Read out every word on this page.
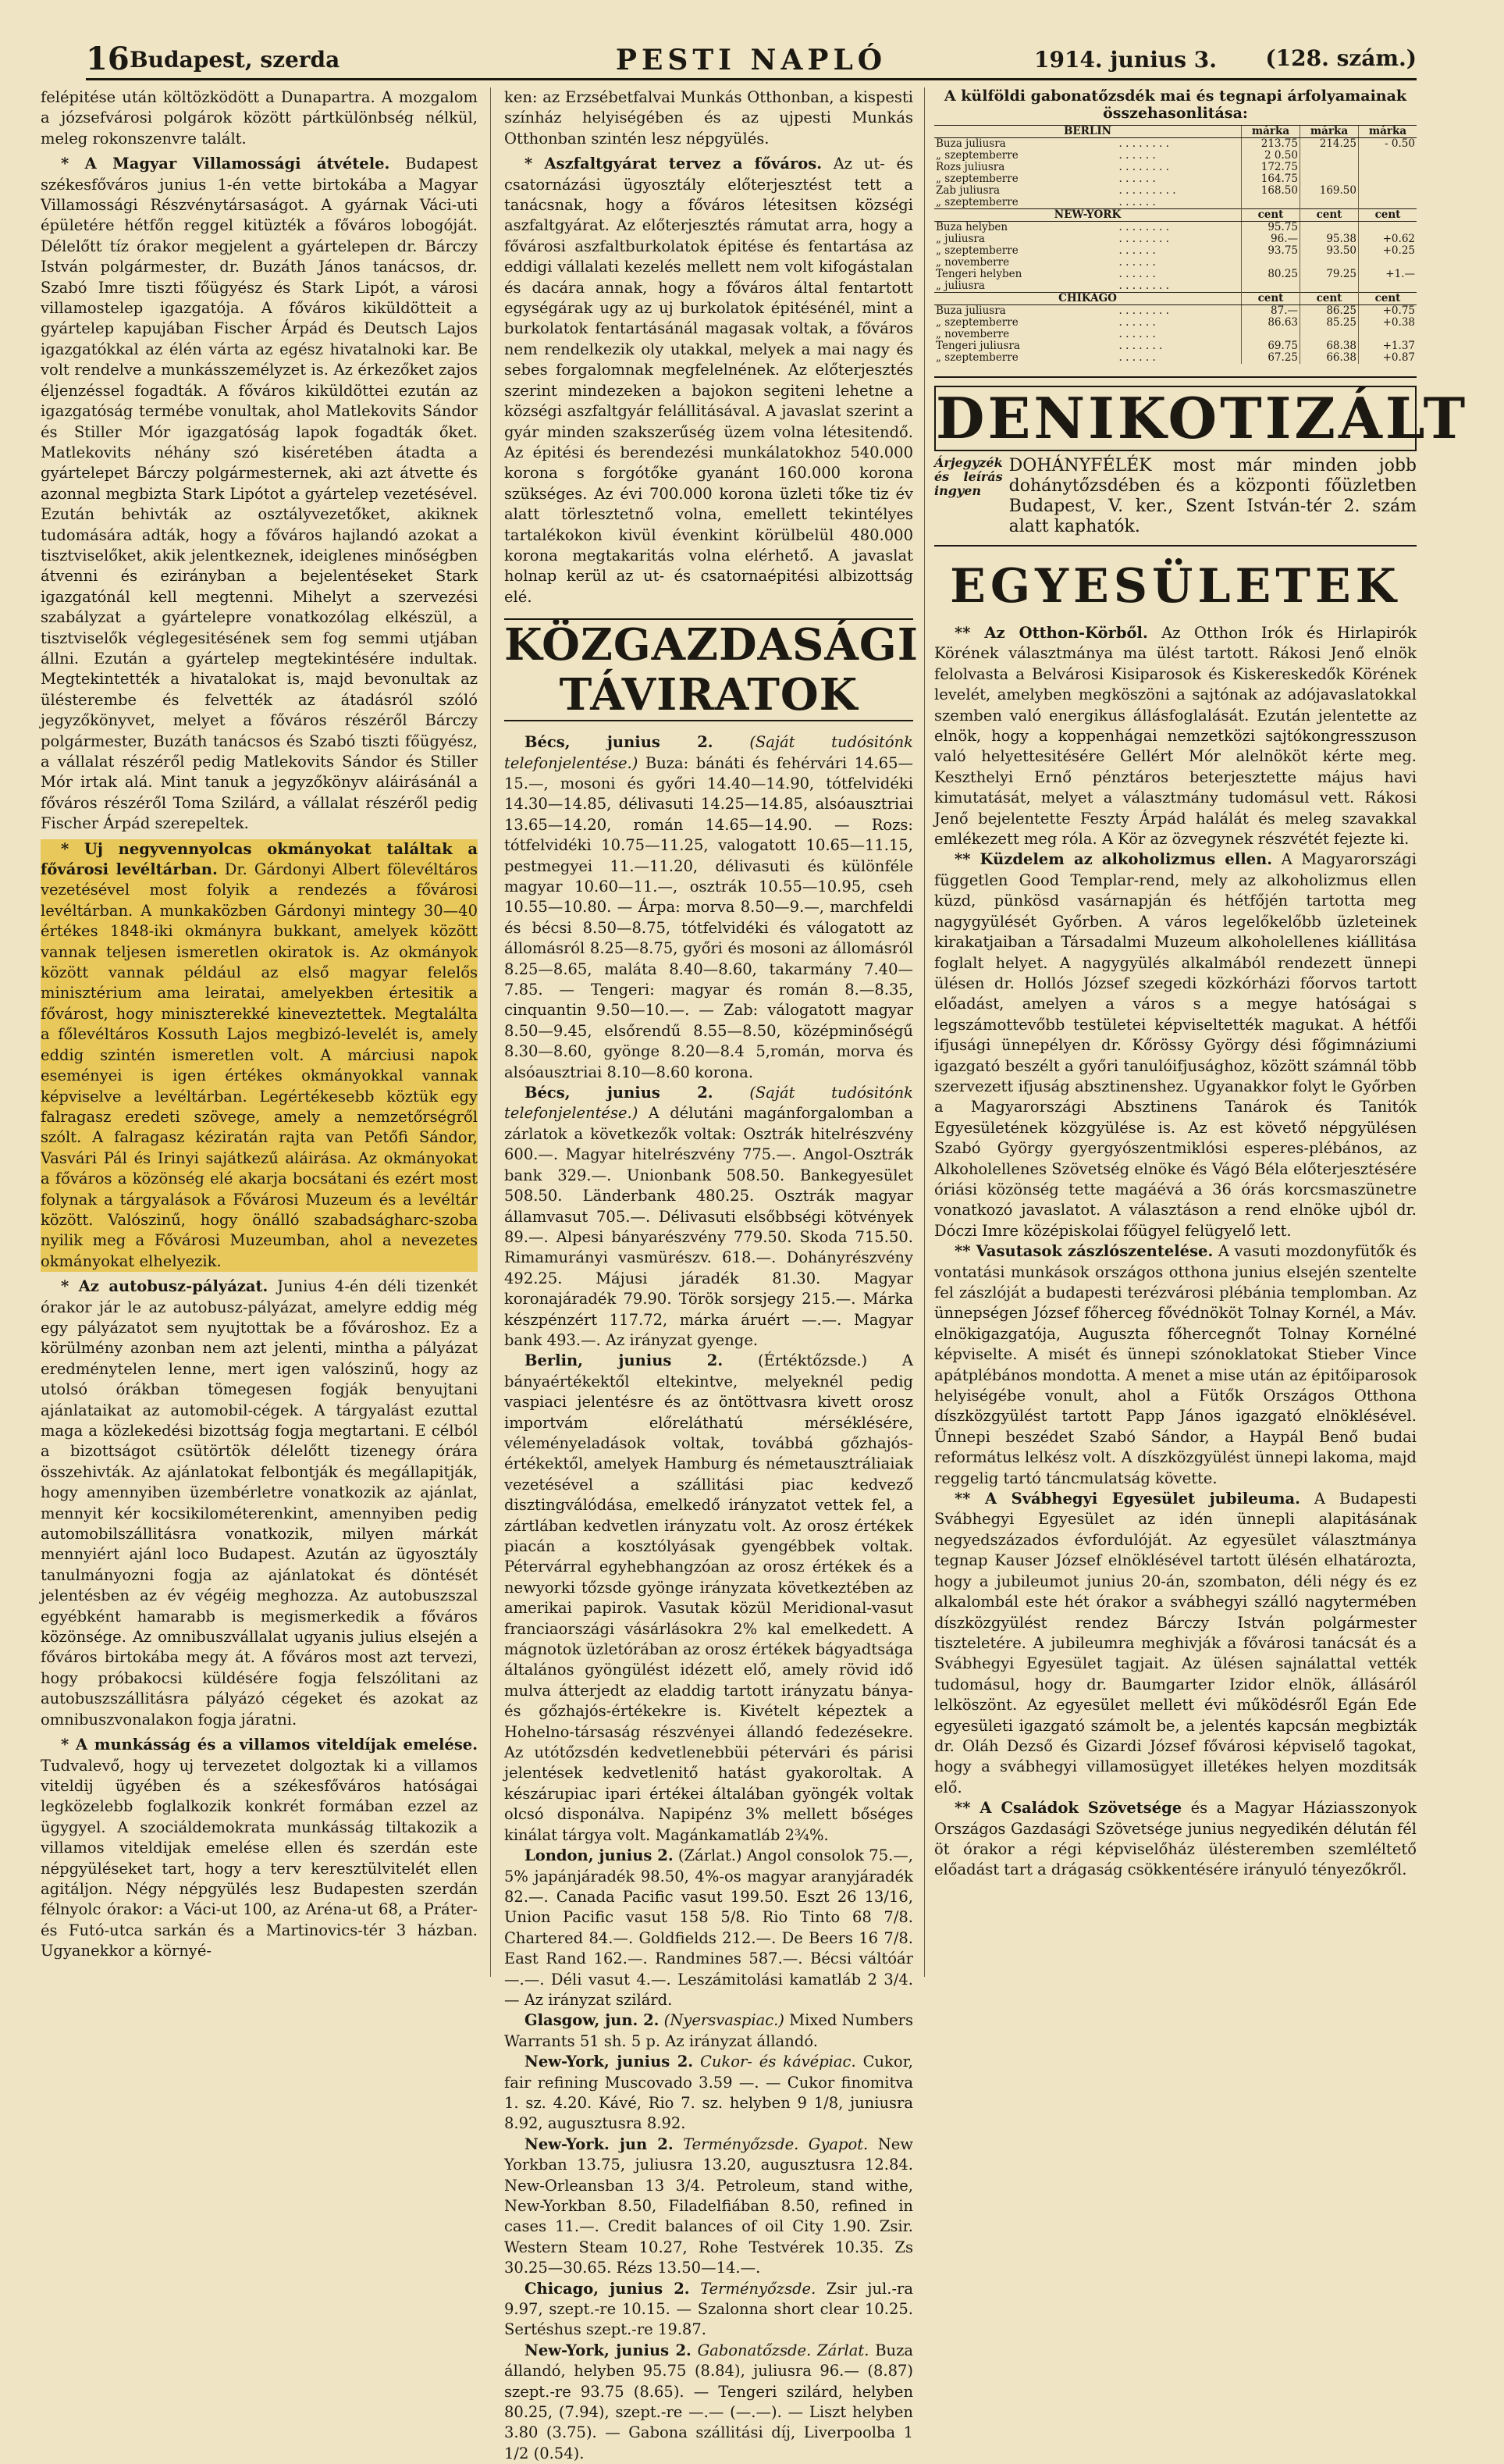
16 Budapest, szerda	PESTI NAPLÓ	1914. junius 3. (128. szám.)

felépitése után költözködött a Dunapartra. A mozgalom a józsefvárosi polgárok között pártkülönbség nélkül, meleg rokonszenvre talált.

* A Magyar Villamossági átvétele. Budapest székesfőváros junius 1-én vette birtokába a Magyar Villamossági Részvénytársaságot. A gyárnak Váci-uti épületére hétfőn reggel kitüzték a főváros lobogóját. Délelőtt tíz órakor megjelent a gyártelepen dr. Bárczy István polgármester, dr. Buzáth János tanácsos, dr. Szabó Imre tiszti főügyész és Stark Lipót, a városi villamostelep igazgatója. A főváros kiküldötteit a gyártelep kapujában Fischer Árpád és Deutsch Lajos igazgatókkal az élén várta az egész hivatalnoki kar. Be volt rendelve a munkásszemélyzet is. Az érkezőket zajos éljenzéssel fogadták. A főváros kiküldöttei ezután az igazgatóság termébe vonultak, ahol Matlekovits Sándor és Stiller Mór igazgatóság lapok fogadták őket. Matlekovits néhány szó kiséretében átadta a gyártelepet Bárczy polgármesternek, aki azt átvette és azonnal megbizta Stark Lipótot a gyártelep vezetésével. Ezután behivták az osztályvezetőket, akiknek tudomására adták, hogy a főváros hajlandó azokat a tisztviselőket, akik jelentkeznek, ideiglenes minőségben átvenni és ezirányban a bejelentéseket Stark igazgatónál kell megtenni. Mihelyt a szervezési szabályzat a gyártelepre vonatkozólag elkészül, a tisztviselők véglegesitésének sem fog semmi utjában állni. Ezután a gyártelep megtekintésére indultak. Megtekintették a hivatalokat is, majd bevonultak az ülésterembe és felvették az átadásról szóló jegyzőkönyvet, melyet a főváros részéről Bárczy polgármester, Buzáth tanácsos és Szabó tiszti főügyész, a vállalat részéről pedig Matlekovits Sándor és Stiller Mór irtak alá. Mint tanuk a jegyzőkönyv aláirásánál a főváros részéről Toma Szilárd, a vállalat részéről pedig Fischer Árpád szerepeltek.

* Uj negyvennyolcas okmányokat találtak a fővárosi levéltárban. Dr. Gárdonyi Albert fölevéltáros vezetésével most folyik a rendezés a fővárosi levéltárban. A munkaközben Gárdonyi mintegy 30—40 értékes 1848-iki okmányra bukkant, amelyek között vannak teljesen ismeretlen okiratok is. Az okmányok között vannak például az első magyar felelős minisztérium ama leiratai, amelyekben értesitik a fővárost, hogy miniszterekké kineveztettek. Megtalálta a főlevéltáros Kossuth Lajos megbizó-levelét is, amely eddig szintén ismeretlen volt. A márciusi napok eseményei is igen értékes okmányokkal vannak képviselve a levéltárban. Legértékesebb köztük egy falragasz eredeti szövege, amely a nemzetőrségről szólt. A falragasz kéziratán rajta van Petőfi Sándor, Vasvári Pál és Irinyi sajátkezű aláirása. Az okmányokat a főváros a közönség elé akarja bocsátani és ezért most folynak a tárgyalások a Fővárosi Muzeum és a levéltár között. Valószinű, hogy önálló szabadságharc-szoba nyilik meg a Fővárosi Muzeumban, ahol a nevezetes okmányokat elhelyezik.

* Az autobusz-pályázat. Junius 4-én déli tizenkét órakor jár le az autobusz-pályázat, amelyre eddig még egy pályázatot sem nyujtottak be a fővároshoz. Ez a körülmény azonban nem azt jelenti, mintha a pályázat eredménytelen lenne, mert igen valószinű, hogy az utolsó órákban tömegesen fogják benyujtani ajánlataikat az automobil-cégek. A tárgyalást ezuttal maga a közlekedési bizottság fogja megtartani. E célból a bizottságot csütörtök délelőtt tizenegy órára összehivták. Az ajánlatokat felbontják és megállapitják, hogy amennyiben üzembérletre vonatkozik az ajánlat, mennyit kér kocsikilométerenkint, amennyiben pedig automobilszállitásra vonatkozik, milyen márkát mennyiért ajánl loco Budapest. Azután az ügyosztály tanulmányozni fogja az ajánlatokat és döntését jelentésben az év végéig meghozza. Az autobuszszal egyébként hamarabb is megismerkedik a főváros közönsége. Az omnibuszvállalat ugyanis julius elsején a főváros birtokába megy át. A főváros most azt tervezi, hogy próbakocsi küldésére fogja felszólitani az autobuszszállitásra pályázó cégeket és azokat az omnibuszvonalakon fogja járatni.

* A munkásság és a villamos viteldíjak emelése. Tudvalevő, hogy uj tervezetet dolgoztak ki a villamos viteldij ügyében és a székesfőváros hatóságai legközelebb foglalkozik konkrét formában ezzel az ügygyel. A szociáldemokrata munkásság tiltakozik a villamos viteldijak emelése ellen és szerdán este népgyüléseket tart, hogy a terv keresztülvitelét ellen agitáljon. Négy népgyülés lesz Budapesten szerdán félnyolc órakor: a Váci-ut 100, az Aréna-ut 68, a Práter- és Futó-utca sarkán és a Martinovics-tér 3 házban. Ugyanekkor a környé-

ken: az Erzsébetfalvai Munkás Otthonban, a kispesti színház helyiségében és az ujpesti Munkás Otthonban szintén lesz népgyülés.

* Aszfaltgyárat tervez a főváros. Az ut- és csatornázási ügyosztály előterjesztést tett a tanácsnak, hogy a főváros létesitsen községi aszfaltgyárat. Az előterjesztés rámutat arra, hogy a fővárosi aszfaltburkolatok épitése és fentartása az eddigi vállalati kezelés mellett nem volt kifogástalan és dacára annak, hogy a főváros által fentartott egységárak ugy az uj burkolatok épitésénél, mint a burkolatok fentartásánál magasak voltak, a főváros nem rendelkezik oly utakkal, melyek a mai nagy és sebes forgalomnak megfelelnének. Az előterjesztés szerint mindezeken a bajokon segiteni lehetne a községi aszfaltgyár felállitásával. A javaslat szerint a gyár minden szakszerűség üzem volna létesitendő. Az épitési és berendezési munkálatokhoz 540.000 korona s forgótőke gyanánt 160.000 korona szükséges. Az évi 700.000 korona üzleti tőke tiz év alatt törlesztetnő volna, emellett tekintélyes tartalékokon kivül évenkint körülbelül 480.000 korona megtakaritás volna elérhető. A javaslat holnap kerül az ut- és csatornaépitési albizottság elé.

KÖZGAZDASÁGI TÁVIRATOK

Bécs, junius 2. (Saját tudósitónk telefonjelentése.) Buza: bánáti és fehérvári 14.65—15.—, mosoni és győri 14.40—14.90, tótfelvidéki 14.30—14.85, délivasuti 14.25—14.85, alsóausztriai 13.65—14.20, román 14.65—14.90. — Rozs: tótfelvidéki 10.75—11.25, valogatott 10.65—11.15, pestmegyei 11.—11.20, délivasuti és különféle magyar 10.60—11.—, osztrák 10.55—10.95, cseh 10.55—10.80. — Árpa: morva 8.50—9.—, marchfeldi és bécsi 8.50—8.75, tótfelvidéki és válogatott az állomásról 8.25—8.75, győri és mosoni az állomásról 8.25—8.65, maláta 8.40—8.60, takarmány 7.40—7.85. — Tengeri: magyar és román 8.—8.35, cinquantin 9.50—10.—. — Zab: válogatott magyar 8.50—9.45, elsőrendű 8.55—8.50, középminőségű 8.30—8.60, gyönge 8.20—8.4 5,román, morva és alsóausztriai 8.10—8.60 korona.

Bécs, junius 2. (Saját tudósitónk telefonjelentése.) A délutáni magánforgalomban a zárlatok a következők voltak: Osztrák hitelrészvény 600.—. Magyar hitelrészvény 775.—. Angol-Osztrák bank 329.—. Unionbank 508.50. Bankegyesület 508.50. Länderbank 480.25. Osztrák magyar államvasut 705.—. Délivasuti elsőbbségi kötvények 89.—. Alpesi bányarészvény 779.50. Skoda 715.50. Rimamurányi vasmürészv. 618.—. Dohányrészvény 492.25. Májusi járadék 81.30. Magyar koronajáradék 79.90. Török sorsjegy 215.—. Márka készpénzért 117.72, márka áruért —.—. Magyar bank 493.—. Az irányzat gyenge.

Berlin, junius 2. (Értéktőzsde.) A bányaértékektől eltekintve, melyeknél pedig vaspiaci jelentésre és az öntöttvasra kivett orosz importvám előreláthatú mérséklésére, véleményeladások voltak, továbbá gőzhajós-értékektől, amelyek Hamburg és németausztráliaiak vezetésével a szállitási piac kedvező disztingválódása, emelkedő irányzatot vettek fel, a zártlában kedvetlen irányzatu volt. Az orosz értékek piacán a kosztólyásak gyengébbek voltak. Pétervárral egyhebhangzóan az orosz értékek és a newyorki tőzsde gyönge irányzata következtében az amerikai papirok. Vasutak közül Meridional-vasut franciaországi vásárlásokra 2% kal emelkedett. A mágnotok üzletórában az orosz értékek bágyadtsága általános gyöngülést idézett elő, amely rövid idő mulva átterjedt az eladdig tartott irányzatu bánya- és gőzhajós-értékekre is. Kivételt képeztek a Hohelno-társaság részvényei állandó fedezésekre. Az utótőzsdén kedvetlenebbüi pétervári és párisi jelentések kedvetlenitő hatást gyakoroltak. A készárupiac ipari értékei általában gyöngék voltak olcsó disponálva. Napipénz 3% mellett bőséges kinálat tárgya volt. Magánkamatláb 2¾%.

London, junius 2. (Zárlat.) Angol consolok 75.—, 5% japánjáradék 98.50, 4%-os magyar aranyjáradék 82.—. Canada Pacific vasut 199.50. Eszt 26 13/16, Union Pacific vasut 158 5/8. Rio Tinto 68 7/8. Chartered 84.—. Goldfields 212.—. De Beers 16 7/8. East Rand 162.—. Randmines 587.—. Bécsi váltóár —.—. Déli vasut 4.—. Leszámitolási kamatláb 2 3/4. — Az irányzat szilárd.

Glasgow, jun. 2. (Nyersvaspiac.) Mixed Numbers Warrants 51 sh. 5 p. Az irányzat állandó.

New-York, junius 2. Cukor- és kávépiac. Cukor, fair refining Muscovado 3.59 —. — Cukor finomitva 1. sz. 4.20. Kávé, Rio 7. sz. helyben 9 1/8, juniusra 8.92, augusztusra 8.92.

New-York. jun 2. Terményőzsde. Gyapot. New Yorkban 13.75, juliusra 13.20, augusztusra 12.84. New-Orleansban 13 3/4. Petroleum, stand withe, New-Yorkban 8.50, Filadelfiában 8.50, refined in cases 11.—. Credit balances of oil City 1.90. Zsir. Western Steam 10.27, Rohe Testvérek 10.35. Zs 30.25—30.65. Rézs 13.50—14.—.

Chicago, junius 2. Terményőzsde. Zsir jul.-ra 9.97, szept.-re 10.15. — Szalonna short clear 10.25. Sertéshus szept.-re 19.87.

New-York, junius 2. Gabonatőzsde. Zárlat. Buza állandó, helyben 95.75 (8.84), juliusra 96.— (8.87) szept.-re 93.75 (8.65). — Tengeri szilárd, helyben 80.25, (7.94), szept.-re —.— (—.—). — Liszt helyben 3.80 (3.75). — Gabona szállitási díj, Liverpoolba 1 1/2 (0.54).

A külföldi gabonatőzsdék mai és tegnapi árfolyamainak összehasonlitása:
BERLIN		márka	márka	márka
Buza juliusra	. . . . . . . .	213.75	214.25	- 0.50
„ szeptemberre	. . . . . .	2 0.50		
Rozs juliusra	. . . . . . . .	172.75		
„ szeptemberre	. . . . . .	164.75		
Zab juliusra	. . . . . . . . .	168.50	169.50	
„ szeptemberre	. . . . . .			
NEW-YORK		cent	cent	cent
Buza helyben	. . . . . . . .	95.75		
„ juliusra	. . . . . . . .	96.—	95.38	+0.62
„ szeptemberre	. . . . . .	93.75	93.50	+0.25
„ novemberre	. . . . . .			
Tengeri helyben	. . . . . .	80.25	79.25	+1.—
„ juliusra	. . . . . . . .			
CHIKAGO		cent	cent	cent
Buza juliusra	. . . . . . . .	87.—	86.25	+0.75
„ szeptemberre	. . . . . .	86.63	85.25	+0.38
„ novemberre	. . . . . .			
Tengeri juliusra	. . . . . . .	69.75	68.38	+1.37
„ szeptemberre	. . . . . .	67.25	66.38	+0.87
DENIKOTIZÁLT
Árjegyzék és leírás ingyen
DOHÁNYFÉLÉK most már minden jobb dohánytőzsdében és a központi főüzletben Budapest, V. ker., Szent István-tér 2. szám alatt kaphatók.
EGYESÜLETEK

** Az Otthon-Körből. Az Otthon Irók és Hirlapirók Körének választmánya ma ülést tartott. Rákosi Jenő elnök felolvasta a Belvárosi Kisiparosok és Kiskereskedők Körének levelét, amelyben megköszöni a sajtónak az adójavaslatokkal szemben való energikus állásfoglalását. Ezután jelentette az elnök, hogy a koppenhágai nemzetközi sajtókongresszuson való helyettesitésére Gellért Mór alelnököt kérte meg. Keszthelyi Ernő pénztáros beterjesztette május havi kimutatását, melyet a választmány tudomásul vett. Rákosi Jenő bejelentette Feszty Árpád halálát és meleg szavakkal emlékezett meg róla. A Kör az özvegynek részvétét fejezte ki.

** Küzdelem az alkoholizmus ellen. A Magyarországi független Good Templar-rend, mely az alkoholizmus ellen küzd, pünkösd vasárnapján és hétfőjén tartotta meg nagygyülését Győrben. A város legelőkelőbb üzleteinek kirakatjaiban a Társadalmi Muzeum alkoholellenes kiállitása foglalt helyet. A nagygyülés alkalmából rendezett ünnepi ülésen dr. Hollós József szegedi közkórházi főorvos tartott előadást, amelyen a város s a megye hatóságai s legszámottevőbb testületei képviseltették magukat. A hétfői ifjusági ünnepélyen dr. Kőrössy György dési főgimnáziumi igazgató beszélt a győri tanulóifjusághoz, között számnál több szervezett ifjuság absztinenshez. Ugyanakkor folyt le Győrben a Magyarországi Absztinens Tanárok és Tanitók Egyesületének közgyülése is. Az est követő népgyülésen Szabó György gyergyószentmiklósi esperes-plébános, az Alkoholellenes Szövetség elnöke és Vágó Béla előterjesztésére óriási közönség tette magáévá a 36 órás korcsmaszünetre vonatkozó javaslatot. A választáson a rend elnöke ujból dr. Dóczi Imre középiskolai főügyel felügyelő lett.

** Vasutasok zászlószentelése. A vasuti mozdonyfütők és vontatási munkások országos otthona junius elsején szentelte fel zászlóját a budapesti terézvárosi plébánia templomban. Az ünnepségen József főherceg fővédnököt Tolnay Kornél, a Máv. elnökigazgatója, Auguszta főhercegnőt Tolnay Kornélné képviselte. A misét és ünnepi szónoklatokat Stieber Vince apátplébános mondotta. A menet a mise után az épitőiparosok helyiségébe vonult, ahol a Fütők Országos Otthona díszközgyülést tartott Papp János igazgató elnöklésével. Ünnepi beszédet Szabó Sándor, a Haypál Benő budai református lelkész volt. A díszközgyülést ünnepi lakoma, majd reggelig tartó táncmulatság követte.

** A Svábhegyi Egyesület jubileuma. A Budapesti Svábhegyi Egyesület az idén ünnepli alapitásának negyedszázados évfordulóját. Az egyesület választmánya tegnap Kauser József elnöklésével tartott ülésén elhatározta, hogy a jubileumot junius 20-án, szombaton, déli négy és ez alkalombál este hét órakor a svábhegyi szálló nagytermében díszközgyülést rendez Bárczy István polgármester tiszteletére. A jubileumra meghivják a fővárosi tanácsát és a Svábhegyi Egyesület tagjait. Az ülésen sajnálattal vették tudomásul, hogy dr. Baumgarter Izidor elnök, állásáról lelköszönt. Az egyesület mellett évi működésről Egán Ede egyesületi igazgató számolt be, a jelentés kapcsán megbizták dr. Oláh Dezső és Gizardi József fővárosi képviselő tagokat, hogy a svábhegyi villamosügyet illetékes helyen mozditsák elő.

** A Családok Szövetsége és a Magyar Háziasszonyok Országos Gazdasági Szövetsége junius negyedikén délután fél öt órakor a régi képviselőház ülésteremben szemléltető előadást tart a drágaság csökkentésére irányuló tényezőkről.
